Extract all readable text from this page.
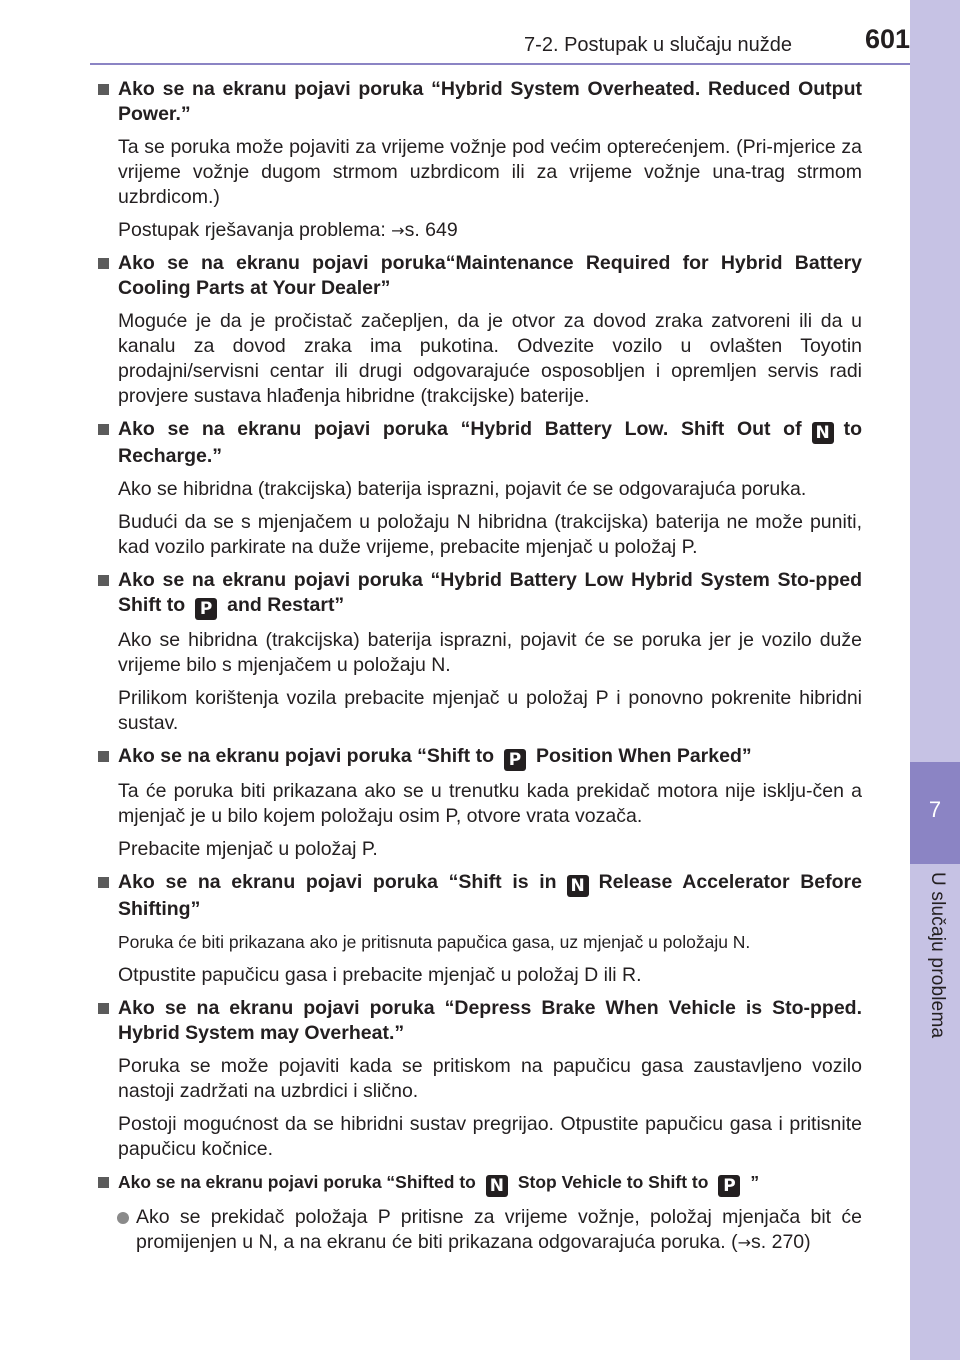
7-2. Postupak u slučaju nužde	601
7
U slučaju problema
Ako se na ekranu pojavi poruka “Hybrid System Overheated. Reduced Output Power.”
Ta se poruka može pojaviti za vrijeme vožnje pod većim opterećenjem. (Pri-mjerice za vrijeme vožnje dugom strmom uzbrdicom ili za vrijeme vožnje una-trag strmom uzbrdicom.)
Postupak rješavanja problema: →s. 649
Ako se na ekranu pojavi poruka“Maintenance Required for Hybrid Battery Cooling Parts at Your Dealer”
Moguće je da je pročistač začepljen, da je otvor za dovod zraka zatvoreni ili da u kanalu za dovod zraka ima pukotina. Odvezite vozilo u ovlašten Toyotin prodajni/servisni centar ili drugi odgovarajuće osposobljen i opremljen servis radi provjere sustava hlađenja hibridne (trakcijske) baterije.
Ako se na ekranu pojavi poruka “Hybrid Battery Low. Shift Out of N to Recharge.”
Ako se hibridna (trakcijska) baterija isprazni, pojavit će se odgovarajuća poruka.
Budući da se s mjenjačem u položaju N hibridna (trakcijska) baterija ne može puniti, kad vozilo parkirate na duže vrijeme, prebacite mjenjač u položaj P.
Ako se na ekranu pojavi poruka “Hybrid Battery Low Hybrid System Sto-pped Shift to P and Restart”
Ako se hibridna (trakcijska) baterija isprazni, pojavit će se poruka jer je vozilo duže vrijeme bilo s mjenjačem u položaju N.
Prilikom korištenja vozila prebacite mjenjač u položaj P i ponovno pokrenite hibridni sustav.
Ako se na ekranu pojavi poruka “Shift to P Position When Parked”
Ta će poruka biti prikazana ako se u trenutku kada prekidač motora nije isklju-čen a mjenjač je u bilo kojem položaju osim P, otvore vrata vozača.
Prebacite mjenjač u položaj P.
Ako se na ekranu pojavi poruka “Shift is in N Release Accelerator Before Shifting”
Poruka će biti prikazana ako je pritisnuta papučica gasa, uz mjenjač u položaju N.
Otpustite papučicu gasa i prebacite mjenjač u položaj D ili R.
Ako se na ekranu pojavi poruka “Depress Brake When Vehicle is Sto-pped. Hybrid System may Overheat.”
Poruka se može pojaviti kada se pritiskom na papučicu gasa zaustavljeno vozilo nastoji zadržati na uzbrdici i slično.
Postoji mogućnost da se hibridni sustav pregrijao. Otpustite papučicu gasa i pritisnite papučicu kočnice.
Ako se na ekranu pojavi poruka “Shifted to N Stop Vehicle to Shift to P ”
Ako se prekidač položaja P pritisne za vrijeme vožnje, položaj mjenjača bit će promijenjen u N, a na ekranu će biti prikazana odgovarajuća poruka. (→s. 270)
